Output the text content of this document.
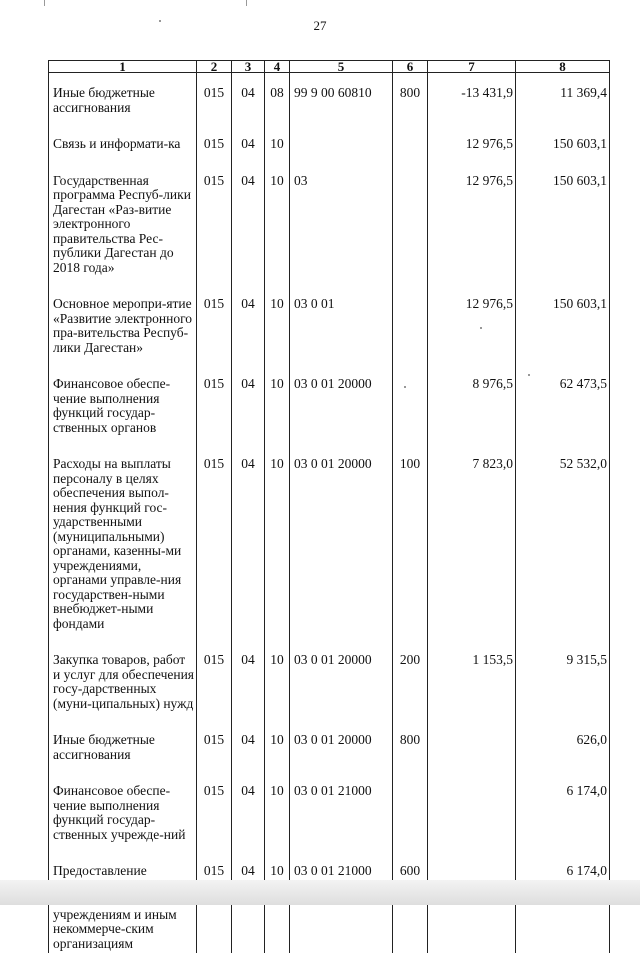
27
1	2	3	4	5	6	7	8
Иные бюджетные ассигнования	015	04	08	99 9 00 60810	800	-13 431,9	11 369,4
Связь и информати-ка	015	04	10			12 976,5	150 603,1
Государственная программа Респуб-лики Дагестан «Раз-витие электронного правительства Рес-публики Дагестан до 2018 года»	015	04	10	03		12 976,5	150 603,1
Основное меропри-ятие «Развитие электронного пра-вительства Респуб-лики Дагестан»	015	04	10	03 0 01		12 976,5	150 603,1
Финансовое обеспе-чение выполнения функций государ-ственных органов	015	04	10	03 0 01 20000		8 976,5	62 473,5
Расходы на выплаты персоналу в целях обеспечения выпол-нения функций гос-ударственными (муниципальными) органами, казенны-ми учреждениями, органами управле-ния государствен-ными внебюджет-ными фондами	015	04	10	03 0 01 20000	100	7 823,0	52 532,0
Закупка товаров, работ и услуг для обеспечения госу-дарственных (муни-ципальных) нужд	015	04	10	03 0 01 20000	200	1 153,5	9 315,5
Иные бюджетные ассигнования	015	04	10	03 0 01 20000	800		626,0
Финансовое обеспе-чение выполнения функций государ-ственных учрежде-ний	015	04	10	03 0 01 21000			6 174,0
Предоставление учреждениям и иным некоммерче-ским организациям	015	04	10	03 0 01 21000	600		6 174,0
